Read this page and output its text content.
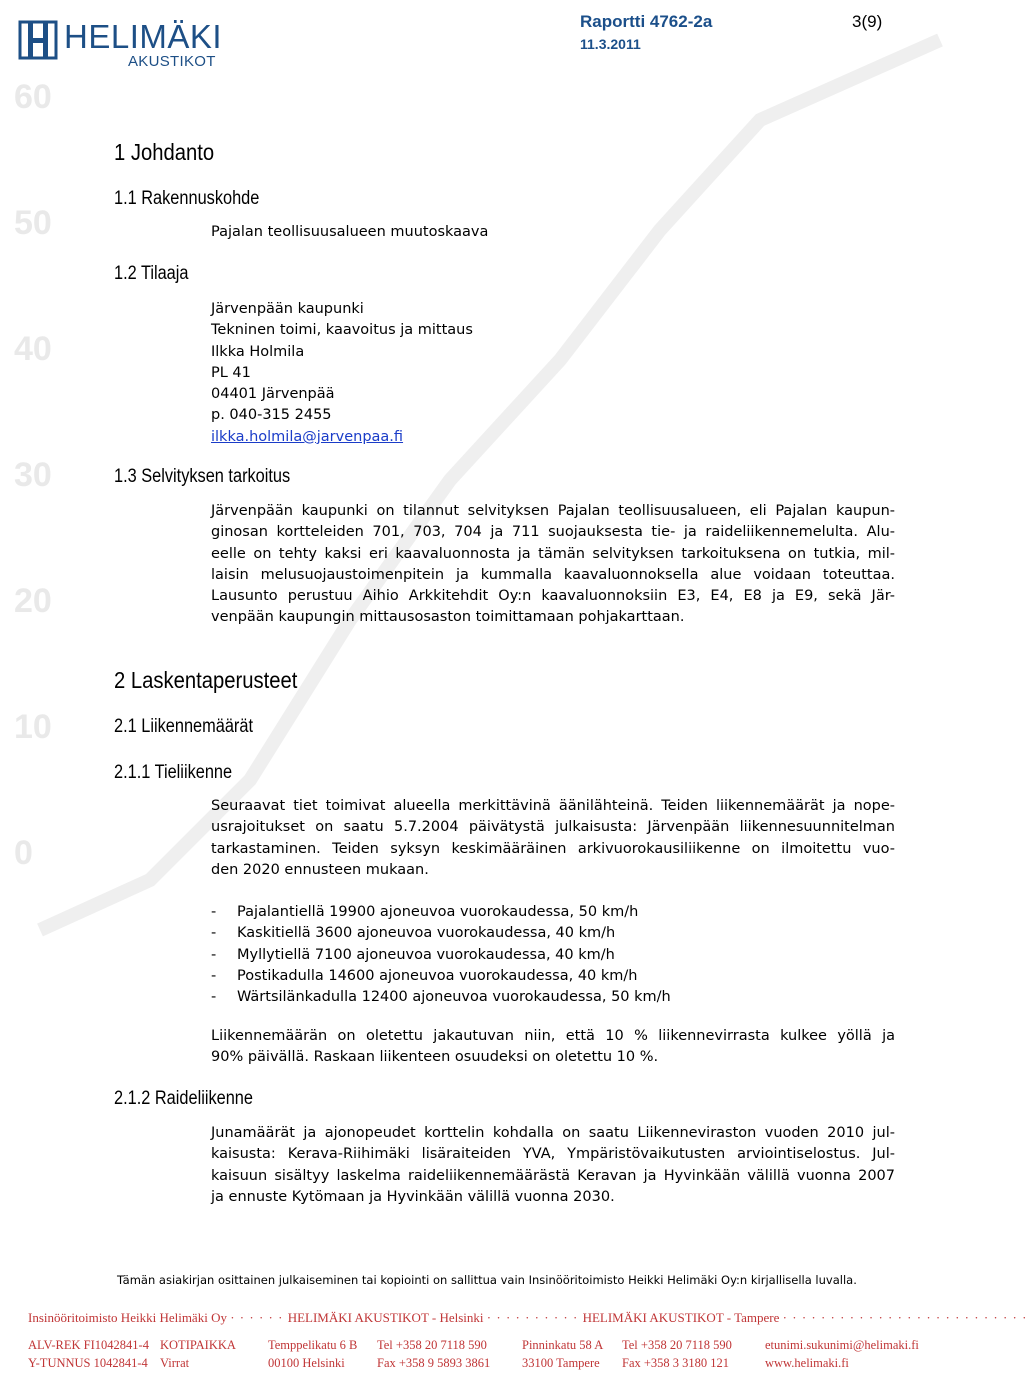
60
50
40
30
20
10
0
HELIMÄKI
AKUSTIKOT
Raportti 4762-2a
11.3.2011
3(9)
1 Johdanto
1.1 Rakennuskohde
Pajalan teollisuusalueen muutoskaava
1.2 Tilaaja
Järvenpään kaupunki
Tekninen toimi, kaavoitus ja mittaus
Ilkka Holmila
PL 41
04401 Järvenpää
p. 040-315 2455
ilkka.holmila@jarvenpaa.fi
1.3 Selvityksen tarkoitus
Järvenpään kaupunki on tilannut selvityksen Pajalan teollisuusalueen, eli Pajalan kaupun-
ginosan kortteleiden 701, 703, 704 ja 711 suojauksesta tie- ja raideliikennemelulta. Alu-
eelle on tehty kaksi eri kaavaluonnosta ja tämän selvityksen tarkoituksena on tutkia, mil-
laisin melusuojaustoimenpitein ja kummalla kaavaluonnoksella alue voidaan toteuttaa.
Lausunto perustuu Aihio Arkkitehdit Oy:n kaavaluonnoksiin E3, E4, E8 ja E9, sekä Jär-
venpään kaupungin mittausosaston toimittamaan pohjakarttaan.
2 Laskentaperusteet
2.1 Liikennemäärät
2.1.1 Tieliikenne
Seuraavat tiet toimivat alueella merkittävinä äänilähteinä. Teiden liikennemäärät ja nope-
usrajoitukset on saatu 5.7.2004 päivätystä julkaisusta: Järvenpään liikennesuunnitelman
tarkastaminen. Teiden syksyn keskimääräinen arkivuorokausiliikenne on ilmoitettu vuo-
den 2020 ennusteen mukaan.
- Pajalantiellä 19900 ajoneuvoa vuorokaudessa, 50 km/h
- Kaskitiellä 3600 ajoneuvoa vuorokaudessa, 40 km/h
- Myllytiellä 7100 ajoneuvoa vuorokaudessa, 40 km/h
- Postikadulla 14600 ajoneuvoa vuorokaudessa, 40 km/h
- Wärtsilänkadulla 12400 ajoneuvoa vuorokaudessa, 50 km/h
Liikennemäärän on oletettu jakautuvan niin, että 10 % liikennevirrasta kulkee yöllä ja
90% päivällä. Raskaan liikenteen osuudeksi on oletettu 10 %.
2.1.2 Raideliikenne
Junamäärät ja ajonopeudet korttelin kohdalla on saatu Liikenneviraston vuoden 2010 jul-
kaisusta: Kerava-Riihimäki lisäraiteiden YVA, Ympäristövaikutusten arviointiselostus. Jul-
kaisuun sisältyy laskelma raideliikennemäärästä Keravan ja Hyvinkään välillä vuonna 2007
ja ennuste Kytömaan ja Hyvinkään välillä vuonna 2030.
Tämän asiakirjan osittainen julkaiseminen tai kopiointi on sallittua vain Insinööritoimisto Heikki Helimäki Oy:n kirjallisella luvalla.
Insinööritoimisto Heikki Helimäki Oy · · · · · · HELIMÄKI AKUSTIKOT - Helsinki · · · · · · · · · · HELIMÄKI AKUSTIKOT - Tampere · · · · · · · · · · · · · · · · · · · · · · · · · ·
ALV-REK FI1042841-4
Y-TUNNUS 1042841-4
KOTIPAIKKA
Virrat
Temppelikatu 6 B
00100 Helsinki
Tel +358 20 7118 590
Fax +358 9 5893 3861
Pinninkatu 58 A
33100 Tampere
Tel +358 20 7118 590
Fax +358 3 3180 121
etunimi.sukunimi@helimaki.fi
www.helimaki.fi
